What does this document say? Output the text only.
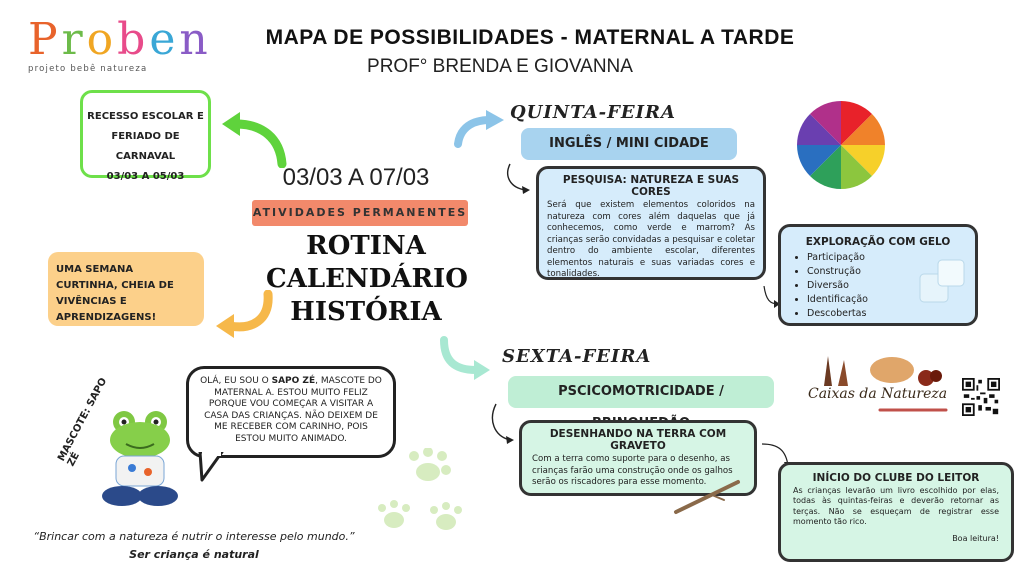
Proben
projeto bebê natureza
MAPA DE POSSIBILIDADES - MATERNAL A TARDE
PROF° BRENDA E GIOVANNA
RECESSO ESCOLAR E
FERIADO DE CARNAVAL
03/03 A 05/03	03/03 A 07/03
ATIVIDADES PERMANENTES
ROTINA
CALENDÁRIO
HISTÓRIA
UMA SEMANA CURTINHA, CHEIA DE VIVÊNCIAS E APRENDIZAGENS!
MASCOTE: SAPO ZÉ
OLÁ, EU SOU O SAPO ZÉ, MASCOTE DO MATERNAL A. ESTOU MUITO FELIZ PORQUE VOU COMEÇAR A VISITAR A CASA DAS CRIANÇAS. NÃO DEIXEM DE ME RECEBER COM CARINHO, POIS ESTOU MUITO ANIMADO.
“Brincar com a natureza é nutrir o interesse pelo mundo.”
Ser criança é natural
QUINTA-FEIRA
INGLÊS / MINI CIDADE
PESQUISA: NATUREZA E SUAS CORES
Será que existem elementos coloridos na natureza com cores além daquelas que já conhecemos, como verde e marrom? As crianças serão convidadas a pesquisar e coletar dentro do ambiente escolar, diferentes elementos naturais e suas variadas cores e tonalidades.
EXPLORAÇÃO COM GELO
• Participação
• Construção
• Diversão
• Identificação
• Descobertas
SEXTA-FEIRA
PSCICOMOTRICIDADE /
DESENHANDO NA TERRA COM GRAVETO
Com a terra como suporte para o desenho, as crianças farão uma construção onde os galhos serão os riscadores para esse momento.	INÍCIO DO CLUBE DO LEITOR
As crianças levarão um livro escolhido por elas, todas às quintas-feiras e deverão retornar as terças. Não se esqueçam de registrar esse momento tão rico.
Boa leitura!
Caixas da Natureza
